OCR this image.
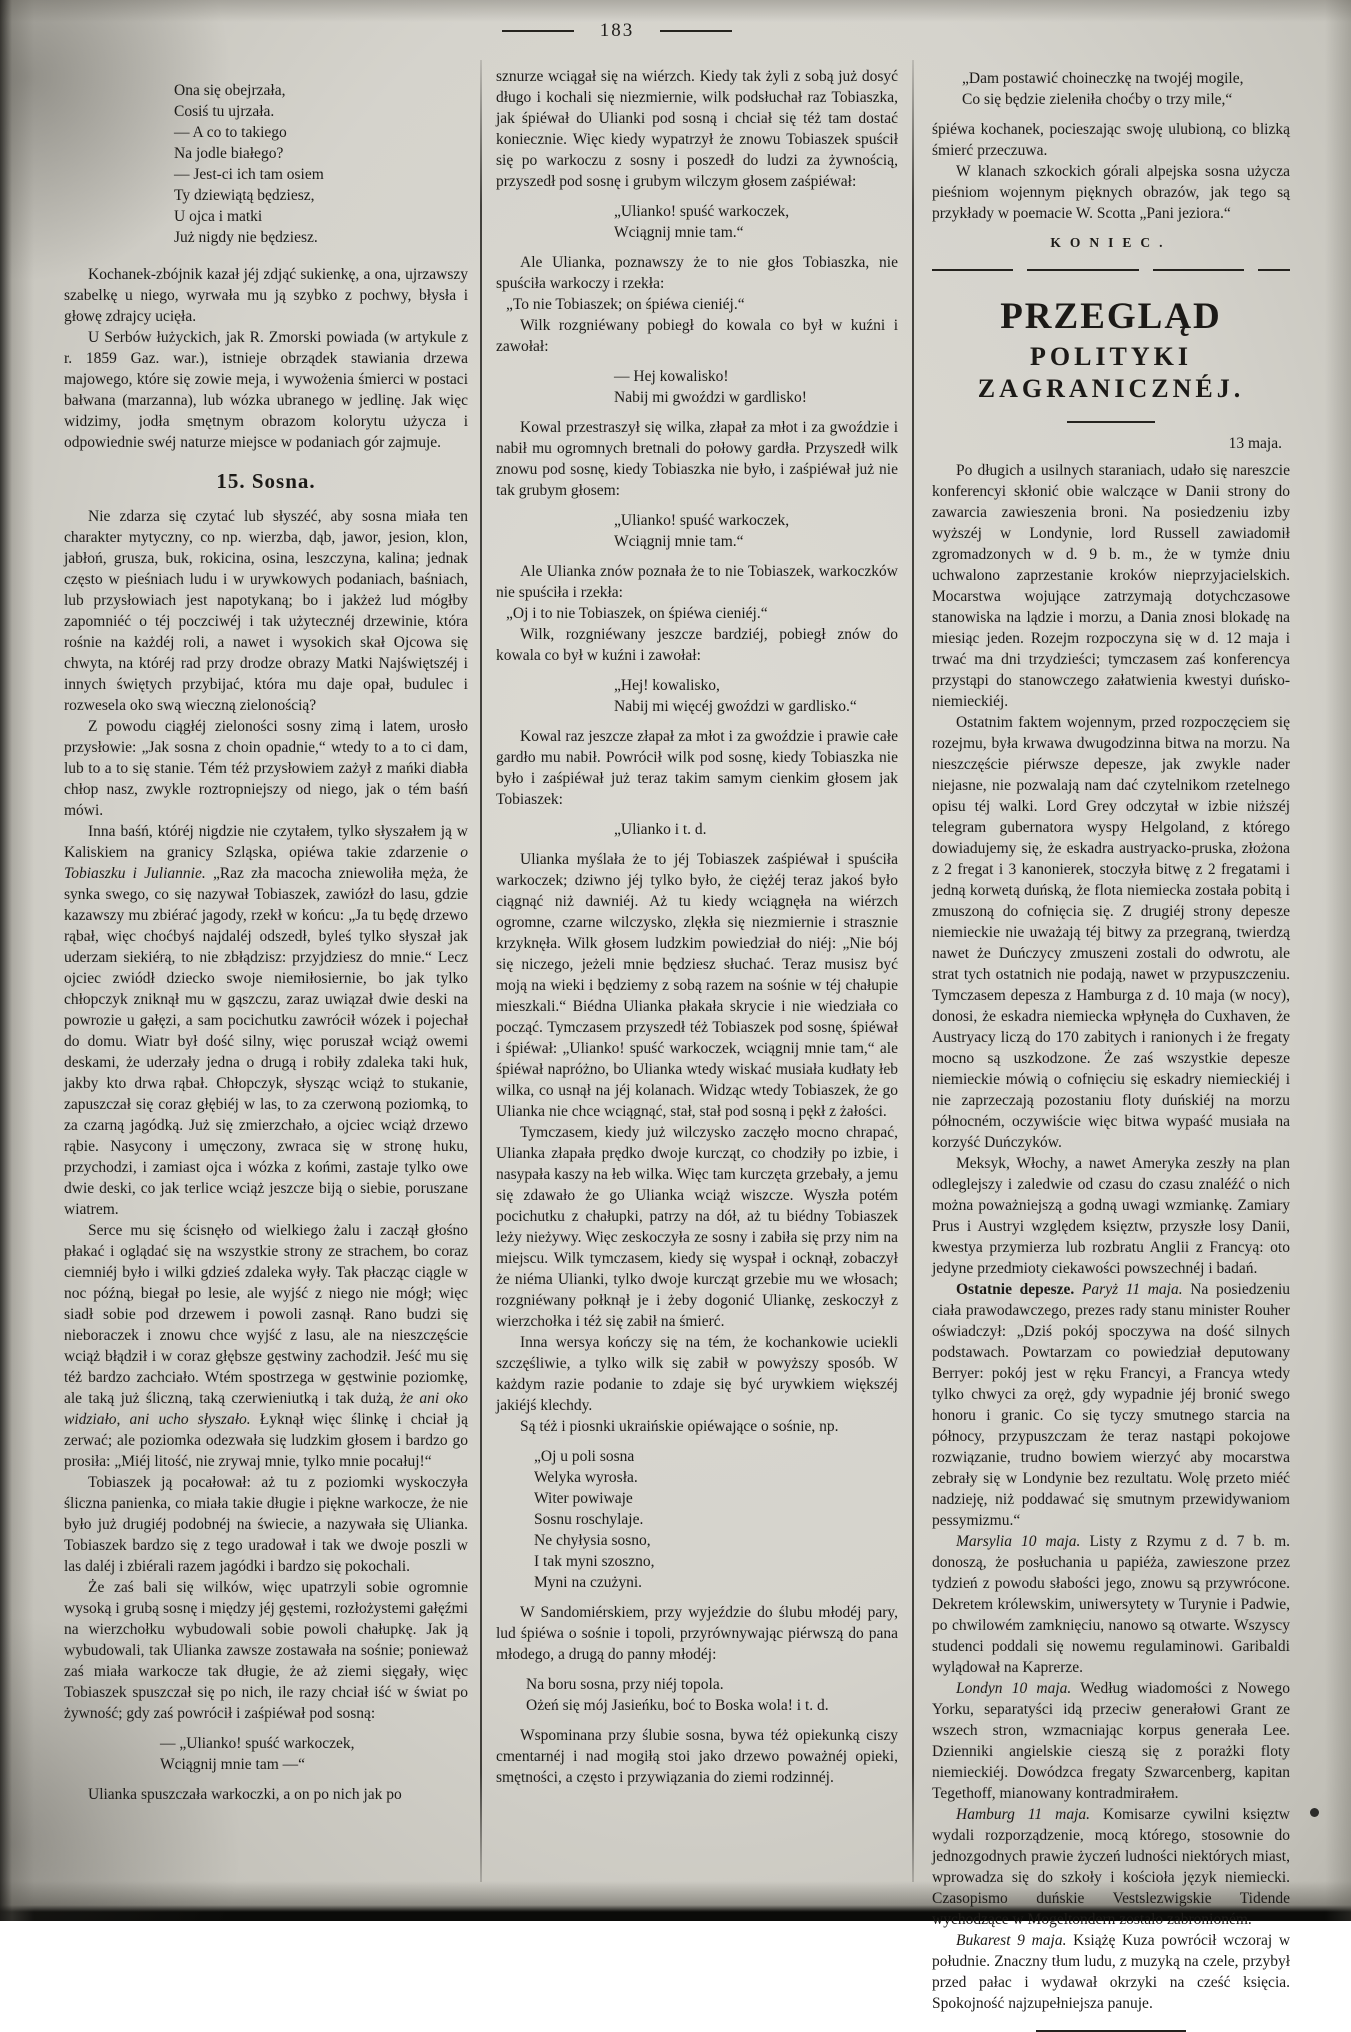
183
Ona się obejrzała,
Cosiś tu ujrzała.
— A co to takiego
Na jodle białego?
— Jest-ci ich tam osiem
Ty dziewiątą będziesz,
U ojca i matki
Już nigdy nie będziesz.

Kochanek-zbójnik kazał jéj zdjąć sukienkę, a ona, ujrzawszy szabelkę u niego, wyrwała mu ją szybko z pochwy, błysła i głowę zdrajcy ucięła.

U Serbów łużyckich, jak R. Zmorski powiada (w artykule z r. 1859 Gaz. war.), istnieje obrządek stawiania drzewa majowego, które się zowie meja, i wywożenia śmierci w postaci bałwana (marzanna), lub wózka ubranego w jedlinę. Jak więc widzimy, jodła smętnym obrazom kolorytu użycza i odpowiednie swéj naturze miejsce w podaniach gór zajmuje.

15. Sosna.

Nie zdarza się czytać lub słyszéć, aby sosna miała ten charakter mytyczny, co np. wierzba, dąb, jawor, jesion, klon, jabłoń, grusza, buk, rokicina, osina, leszczyna, kalina; jednak często w pieśniach ludu i w urywkowych podaniach, baśniach, lub przysłowiach jest napotykaną; bo i jakżeż lud mógłby zapomniéć o téj poczciwéj i tak użytecznéj drzewinie, która rośnie na każdéj roli, a nawet i wysokich skał Ojcowa się chwyta, na któréj rad przy drodze obrazy Matki Najświętszéj i innych świętych przybijać, która mu daje opał, budulec i rozwesela oko swą wieczną zielonością?

Z powodu ciągłéj zieloności sosny zimą i latem, urosło przysłowie: „Jak sosna z choin opadnie,“ wtedy to a to ci dam, lub to a to się stanie. Tém téż przysłowiem zażył z mańki diabła chłop nasz, zwykle roztropniejszy od niego, jak o tém baśń mówi.

Inna baśń, któréj nigdzie nie czytałem, tylko słyszałem ją w Kaliskiem na granicy Szląska, opiéwa takie zdarzenie o Tobiaszku i Juliannie. „Raz zła macocha zniewoliła męża, że synka swego, co się nazywał Tobiaszek, zawiózł do lasu, gdzie kazawszy mu zbiérać jagody, rzekł w końcu: „Ja tu będę drzewo rąbał, więc choćbyś najdaléj odszedł, byleś tylko słyszał jak uderzam siekiérą, to nie zbłądzisz: przyjdziesz do mnie.“ Lecz ojciec zwiódł dziecko swoje niemiłosiernie, bo jak tylko chłopczyk zniknął mu w gąszczu, zaraz uwiązał dwie deski na powrozie u gałęzi, a sam pocichutku zawrócił wózek i pojechał do domu. Wiatr był dość silny, więc poruszał wciąż owemi deskami, że uderzały jedna o drugą i robiły zdaleka taki huk, jakby kto drwa rąbał. Chłopczyk, słysząc wciąż to stukanie, zapuszczał się coraz głębiéj w las, to za czerwoną poziomką, to za czarną jagódką. Już się zmierzchało, a ojciec wciąż drzewo rąbie. Nasycony i umęczony, zwraca się w stronę huku, przychodzi, i zamiast ojca i wózka z końmi, zastaje tylko owe dwie deski, co jak terlice wciąż jeszcze biją o siebie, poruszane wiatrem.

Serce mu się ścisnęło od wielkiego żalu i zaczął głośno płakać i oglądać się na wszystkie strony ze strachem, bo coraz ciemniéj było i wilki gdzieś zdaleka wyły. Tak płacząc ciągle w noc późną, biegał po lesie, ale wyjść z niego nie mógł; więc siadł sobie pod drzewem i powoli zasnął. Rano budzi się nieboraczek i znowu chce wyjść z lasu, ale na nieszczęście wciąż błądził i w coraz głębsze gęstwiny zachodził. Jeść mu się téż bardzo zachciało. Wtém spostrzega w gęstwinie poziomkę, ale taką już śliczną, taką czerwieniutką i tak dużą, że ani oko widziało, ani ucho słyszało. Łyknął więc ślinkę i chciał ją zerwać; ale poziomka odezwała się ludzkim głosem i bardzo go prosiła: „Miéj litość, nie zrywaj mnie, tylko mnie pocałuj!“

Tobiaszek ją pocałował: aż tu z poziomki wyskoczyła śliczna panienka, co miała takie długie i piękne warkocze, że nie było już drugiéj podobnéj na świecie, a nazywała się Ulianka. Tobiaszek bardzo się z tego uradował i tak we dwoje poszli w las daléj i zbiérali razem jagódki i bardzo się pokochali.

Że zaś bali się wilków, więc upatrzyli sobie ogromnie wysoką i grubą sosnę i między jéj gęstemi, rozłożystemi gałęźmi na wierzchołku wybudowali sobie powoli chałupkę. Jak ją wybudowali, tak Ulianka zawsze zostawała na sośnie; ponieważ zaś miała warkocze tak długie, że aż ziemi sięgały, więc Tobiaszek spuszczał się po nich, ile razy chciał iść w świat po żywność; gdy zaś powrócił i zaśpiéwał pod sosną:

— „Ulianko! spuść warkoczek,
Wciągnij mnie tam —“

Ulianka spuszczała warkoczki, a on po nich jak po

sznurze wciągał się na wiérzch. Kiedy tak żyli z sobą już dosyć długo i kochali się niezmiernie, wilk podsłuchał raz Tobiaszka, jak śpiéwał do Ulianki pod sosną i chciał się téż tam dostać koniecznie. Więc kiedy wypatrzył że znowu Tobiaszek spuścił się po warkoczu z sosny i poszedł do ludzi za żywnością, przyszedł pod sosnę i grubym wilczym głosem zaśpiéwał:

„Ulianko! spuść warkoczek,
Wciągnij mnie tam.“

Ale Ulianka, poznawszy że to nie głos Tobiaszka, nie spuściła warkoczy i rzekła:

„To nie Tobiaszek; on śpiéwa cieniéj.“

Wilk rozgniéwany pobiegł do kowala co był w kuźni i zawołał:

— Hej kowalisko!
Nabij mi gwoździ w gardlisko!

Kowal przestraszył się wilka, złapał za młot i za gwoździe i nabił mu ogromnych bretnali do połowy gardła. Przyszedł wilk znowu pod sosnę, kiedy Tobiaszka nie było, i zaśpiéwał już nie tak grubym głosem:

„Ulianko! spuść warkoczek,
Wciągnij mnie tam.“

Ale Ulianka znów poznała że to nie Tobiaszek, warkoczków nie spuściła i rzekła:

„Oj i to nie Tobiaszek, on śpiéwa cieniéj.“

Wilk, rozgniéwany jeszcze bardziéj, pobiegł znów do kowala co był w kuźni i zawołał:

„Hej! kowalisko,
Nabij mi więcéj gwoździ w gardlisko.“

Kowal raz jeszcze złapał za młot i za gwoździe i prawie całe gardło mu nabił. Powrócił wilk pod sosnę, kiedy Tobiaszka nie było i zaśpiéwał już teraz takim samym cienkim głosem jak Tobiaszek:

„Ulianko i t. d.

Ulianka myślała że to jéj Tobiaszek zaśpiéwał i spuściła warkoczek; dziwno jéj tylko było, że ciężéj teraz jakoś było ciągnąć niż dawniéj. Aż tu kiedy wciągnęła na wiérzch ogromne, czarne wilczysko, zlękła się niezmiernie i strasznie krzyknęła. Wilk głosem ludzkim powiedział do niéj: „Nie bój się niczego, jeżeli mnie będziesz słuchać. Teraz musisz być moją na wieki i będziemy z sobą razem na sośnie w téj chałupie mieszkali.“ Biédna Ulianka płakała skrycie i nie wiedziała co począć. Tymczasem przyszedł téż Tobiaszek pod sosnę, śpiéwał i śpiéwał: „Ulianko! spuść warkoczek, wciągnij mnie tam,“ ale śpiéwał napróżno, bo Ulianka wtedy wiskać musiała kudłaty łeb wilka, co usnął na jéj kolanach. Widząc wtedy Tobiaszek, że go Ulianka nie chce wciągnąć, stał, stał pod sosną i pękł z żałości.

Tymczasem, kiedy już wilczysko zaczęło mocno chrapać, Ulianka złapała prędko dwoje kurcząt, co chodziły po izbie, i nasypała kaszy na łeb wilka. Więc tam kurczęta grzebały, a jemu się zdawało że go Ulianka wciąż wiszcze. Wyszła potém pocichutku z chałupki, patrzy na dół, aż tu biédny Tobiaszek leży nieżywy. Więc zeskoczyła ze sosny i zabiła się przy nim na miejscu. Wilk tymczasem, kiedy się wyspał i ocknął, zobaczył że niéma Ulianki, tylko dwoje kurcząt grzebie mu we włosach; rozgniéwany połknął je i żeby dogonić Uliankę, zeskoczył z wierzchołka i téż się zabił na śmierć.

Inna wersya kończy się na tém, że kochankowie uciekli szczęśliwie, a tylko wilk się zabił w powyższy sposób. W każdym razie podanie to zdaje się być urywkiem większéj jakiéjś klechdy.

Są téż i piosnki ukraińskie opiéwające o sośnie, np.

„Oj u poli sosna
Welyka wyrosła.
Witer powiwaje
Sosnu roschylaje.
Ne chyłysia sosno,
I tak myni szoszno,
Myni na czużyni.

W Sandomiérskiem, przy wyjeździe do ślubu młodéj pary, lud śpiéwa o sośnie i topoli, przyrównywając piérwszą do pana młodego, a drugą do panny młodéj:

Na boru sosna, przy niéj topola.
Ożeń się mój Jasieńku, boć to Boska wola! i t. d.

Wspominana przy ślubie sosna, bywa téż opiekunką ciszy cmentarnéj i nad mogiłą stoi jako drzewo poważnéj opieki, smętności, a często i przywiązania do ziemi rodzinnéj.

„Dam postawić choineczkę na twojéj mogile,
Co się będzie zieleniła choćby o trzy mile,“

śpiéwa kochanek, pocieszając swoję ulubioną, co blizką śmierć przeczuwa.

W klanach szkockich górali alpejska sosna użycza pieśniom wojennym pięknych obrazów, jak tego są przykłady w poemacie W. Scotta „Pani jeziora.“

KONIEC.

PRZEGLĄD
POLITYKI ZAGRANICZNÉJ.

13 maja.

Po długich a usilnych staraniach, udało się nareszcie konferencyi skłonić obie walczące w Danii strony do zawarcia zawieszenia broni. Na posiedzeniu izby wyższéj w Londynie, lord Russell zawiadomił zgromadzonych w d. 9 b. m., że w tymże dniu uchwalono zaprzestanie kroków nieprzyjacielskich. Mocarstwa wojujące zatrzymają dotychczasowe stanowiska na lądzie i morzu, a Dania znosi blokadę na miesiąc jeden. Rozejm rozpoczyna się w d. 12 maja i trwać ma dni trzydzieści; tymczasem zaś konferencya przystąpi do stanowczego załatwienia kwestyi duńsko-niemieckiéj.

Ostatnim faktem wojennym, przed rozpoczęciem się rozejmu, była krwawa dwugodzinna bitwa na morzu. Na nieszczęście piérwsze depesze, jak zwykle nader niejasne, nie pozwalają nam dać czytelnikom rzetelnego opisu téj walki. Lord Grey odczytał w izbie niższéj telegram gubernatora wyspy Helgoland, z którego dowiadujemy się, że eskadra austryacko-pruska, złożona z 2 fregat i 3 kanonierek, stoczyła bitwę z 2 fregatami i jedną korwetą duńską, że flota niemiecka została pobitą i zmuszoną do cofnięcia się. Z drugiéj strony depesze niemieckie nie uważają téj bitwy za przegraną, twierdzą nawet że Duńczycy zmuszeni zostali do odwrotu, ale strat tych ostatnich nie podają, nawet w przypuszczeniu. Tymczasem depesza z Hamburga z d. 10 maja (w nocy), donosi, że eskadra niemiecka wpłynęła do Cuxhaven, że Austryacy liczą do 170 zabitych i ranionych i że fregaty mocno są uszkodzone. Że zaś wszystkie depesze niemieckie mówią o cofnięciu się eskadry niemieckiéj i nie zaprzeczają pozostaniu floty duńskiéj na morzu północném, oczywiście więc bitwa wypaść musiała na korzyść Duńczyków.

Meksyk, Włochy, a nawet Ameryka zeszły na plan odleglejszy i zaledwie od czasu do czasu znaléźć o nich można poważniejszą a godną uwagi wzmiankę. Zamiary Prus i Austryi względem księztw, przyszłe losy Danii, kwestya przymierza lub rozbratu Anglii z Francyą: oto jedyne przedmioty ciekawości powszechnéj i badań.

Ostatnie depesze. Paryż 11 maja. Na posiedzeniu ciała prawodawczego, prezes rady stanu minister Rouher oświadczył: „Dziś pokój spoczywa na dość silnych podstawach. Powtarzam co powiedział deputowany Berryer: pokój jest w ręku Francyi, a Francya wtedy tylko chwyci za oręż, gdy wypadnie jéj bronić swego honoru i granic. Co się tyczy smutnego starcia na północy, przypuszczam że teraz nastąpi pokojowe rozwiązanie, trudno bowiem wierzyć aby mocarstwa zebrały się w Londynie bez rezultatu. Wolę przeto miéć nadzieję, niż poddawać się smutnym przewidywaniom pessymizmu.“

Marsylia 10 maja. Listy z Rzymu z d. 7 b. m. donoszą, że posłuchania u papiéża, zawieszone przez tydzień z powodu słabości jego, znowu są przywrócone. Dekretem królewskim, uniwersytety w Turynie i Padwie, po chwilowém zamknięciu, nanowo są otwarte. Wszyscy studenci poddali się nowemu regulaminowi. Garibaldi wylądował na Kaprerze.

Londyn 10 maja. Według wiadomości z Nowego Yorku, separatyści idą przeciw generałowi Grant ze wszech stron, wzmacniając korpus generała Lee. Dzienniki angielskie cieszą się z porażki floty niemieckiéj. Dowódzca fregaty Szwarcenberg, kapitan Tegethoff, mianowany kontradmirałem.

Hamburg 11 maja. Komisarze cywilni księztw wydali rozporządzenie, mocą którego, stosownie do jednozgodnych prawie życzeń ludności niektórych miast, wprowadza się do szkoły i kościoła język niemiecki. Czasopismo duńskie Vestslezwigskie Tidende wychodzące w Mogeltondern zostało zabronioném.

Bukarest 9 maja. Książę Kuza powrócił wczoraj w południe. Znaczny tłum ludu, z muzyką na czele, przybył przed pałac i wydawał okrzyki na cześć księcia. Spokojność najzupełniejsza panuje.
